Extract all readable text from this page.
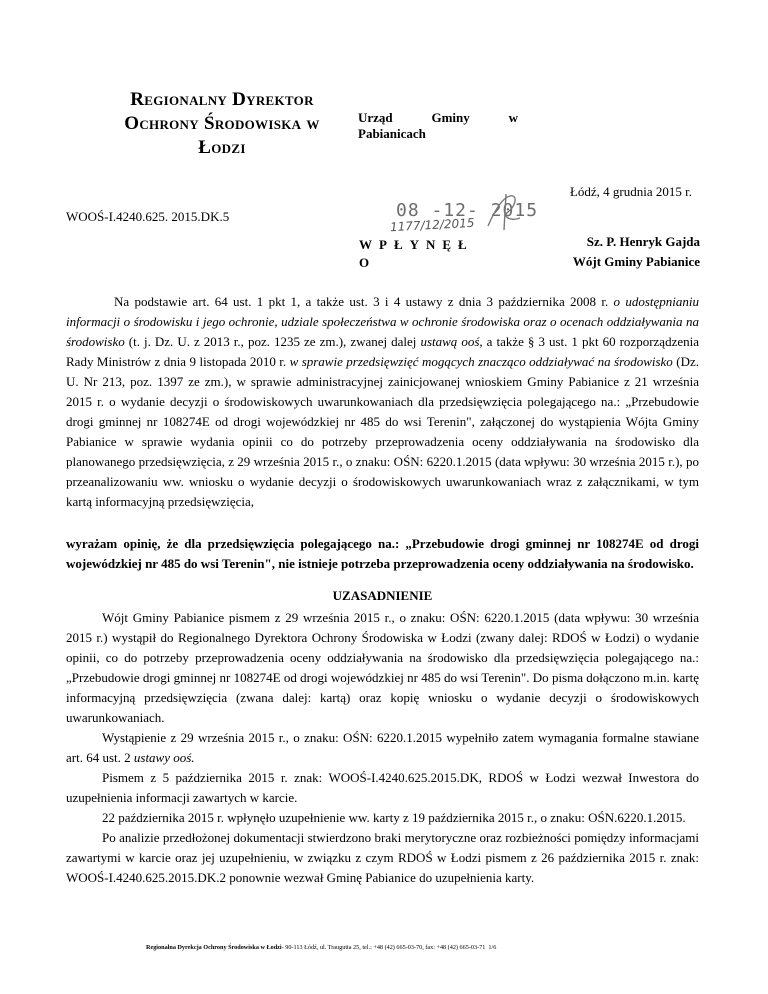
Regionalny Dyrektor
Ochrony Środowiska w
Łodzi
Urząd	Gminy	w
Pabianicach
Łódź, 4 grudnia 2015 r.
WOOŚ-I.4240.625. 2015.DK.5	08 -12- 2015
1177/12/2015
WPŁYNĘŁ
O
Sz. P. Henryk Gajda
Wójt Gminy Pabianice

Na podstawie art. 64 ust. 1 pkt 1, a także ust. 3 i 4 ustawy z dnia 3 października 2008 r. o udostępnianiu informacji o środowisku i jego ochronie, udziale społeczeństwa w ochronie środowiska oraz o ocenach oddziaływania na środowisko (t. j. Dz. U. z 2013 r., poz. 1235 ze zm.), zwanej dalej ustawą ooś, a także § 3 ust. 1 pkt 60 rozporządzenia Rady Ministrów z dnia 9 listopada 2010 r. w sprawie przedsięwzięć mogących znacząco oddziaływać na środowisko (Dz. U. Nr 213, poz. 1397 ze zm.), w sprawie administracyjnej zainicjowanej wnioskiem Gminy Pabianice z 21 września 2015 r. o wydanie decyzji o środowiskowych uwarunkowaniach dla przedsięwzięcia polegającego na.: „Przebudowie drogi gminnej nr 108274E od drogi wojewódzkiej nr 485 do wsi Terenin", załączonej do wystąpienia Wójta Gminy Pabianice w sprawie wydania opinii co do potrzeby przeprowadzenia oceny oddziaływania na środowisko dla planowanego przedsięwzięcia, z 29 września 2015 r., o znaku: OŚN: 6220.1.2015 (data wpływu: 30 września 2015 r.), po przeanalizowaniu ww. wniosku o wydanie decyzji o środowiskowych uwarunkowaniach wraz z załącznikami, w tym kartą informacyjną przedsięwzięcia,

wyrażam opinię, że dla przedsięwzięcia polegającego na.: „Przebudowie drogi gminnej nr 108274E od drogi wojewódzkiej nr 485 do wsi Terenin", nie istnieje potrzeba przeprowadzenia oceny oddziaływania na środowisko.

UZASADNIENIE

Wójt Gminy Pabianice pismem z 29 września 2015 r., o znaku: OŚN: 6220.1.2015 (data wpływu: 30 września 2015 r.) wystąpił do Regionalnego Dyrektora Ochrony Środowiska w Łodzi (zwany dalej: RDOŚ w Łodzi) o wydanie opinii, co do potrzeby przeprowadzenia oceny oddziaływania na środowisko dla przedsięwzięcia polegającego na.: „Przebudowie drogi gminnej nr 108274E od drogi wojewódzkiej nr 485 do wsi Terenin". Do pisma dołączono m.in. kartę informacyjną przedsięwzięcia (zwana dalej: kartą) oraz kopię wniosku o wydanie decyzji o środowiskowych uwarunkowaniach.

Wystąpienie z 29 września 2015 r., o znaku: OŚN: 6220.1.2015 wypełniło zatem wymagania formalne stawiane art. 64 ust. 2 ustawy ooś.

Pismem z 5 października 2015 r. znak: WOOŚ-I.4240.625.2015.DK, RDOŚ w Łodzi wezwał Inwestora do uzupełnienia informacji zawartych w karcie.

22 października 2015 r. wpłynęło uzupełnienie ww. karty z 19 października 2015 r., o znaku: OŚN.6220.1.2015.

Po analizie przedłożonej dokumentacji stwierdzono braki merytoryczne oraz rozbieżności pomiędzy informacjami zawartymi w karcie oraz jej uzupełnieniu, w związku z czym RDOŚ w Łodzi pismem z 26 października 2015 r. znak: WOOŚ-I.4240.625.2015.DK.2 ponownie wezwał Gminę Pabianice do uzupełnienia karty.

Regionalna Dyrekcja Ochrony Środowiska w Łodzi- 90-113 Łódź, ul. Traugutta 25, tel.: +48 (42) 665-03-70, fax: +48 (42) 665-03-71 1/6
